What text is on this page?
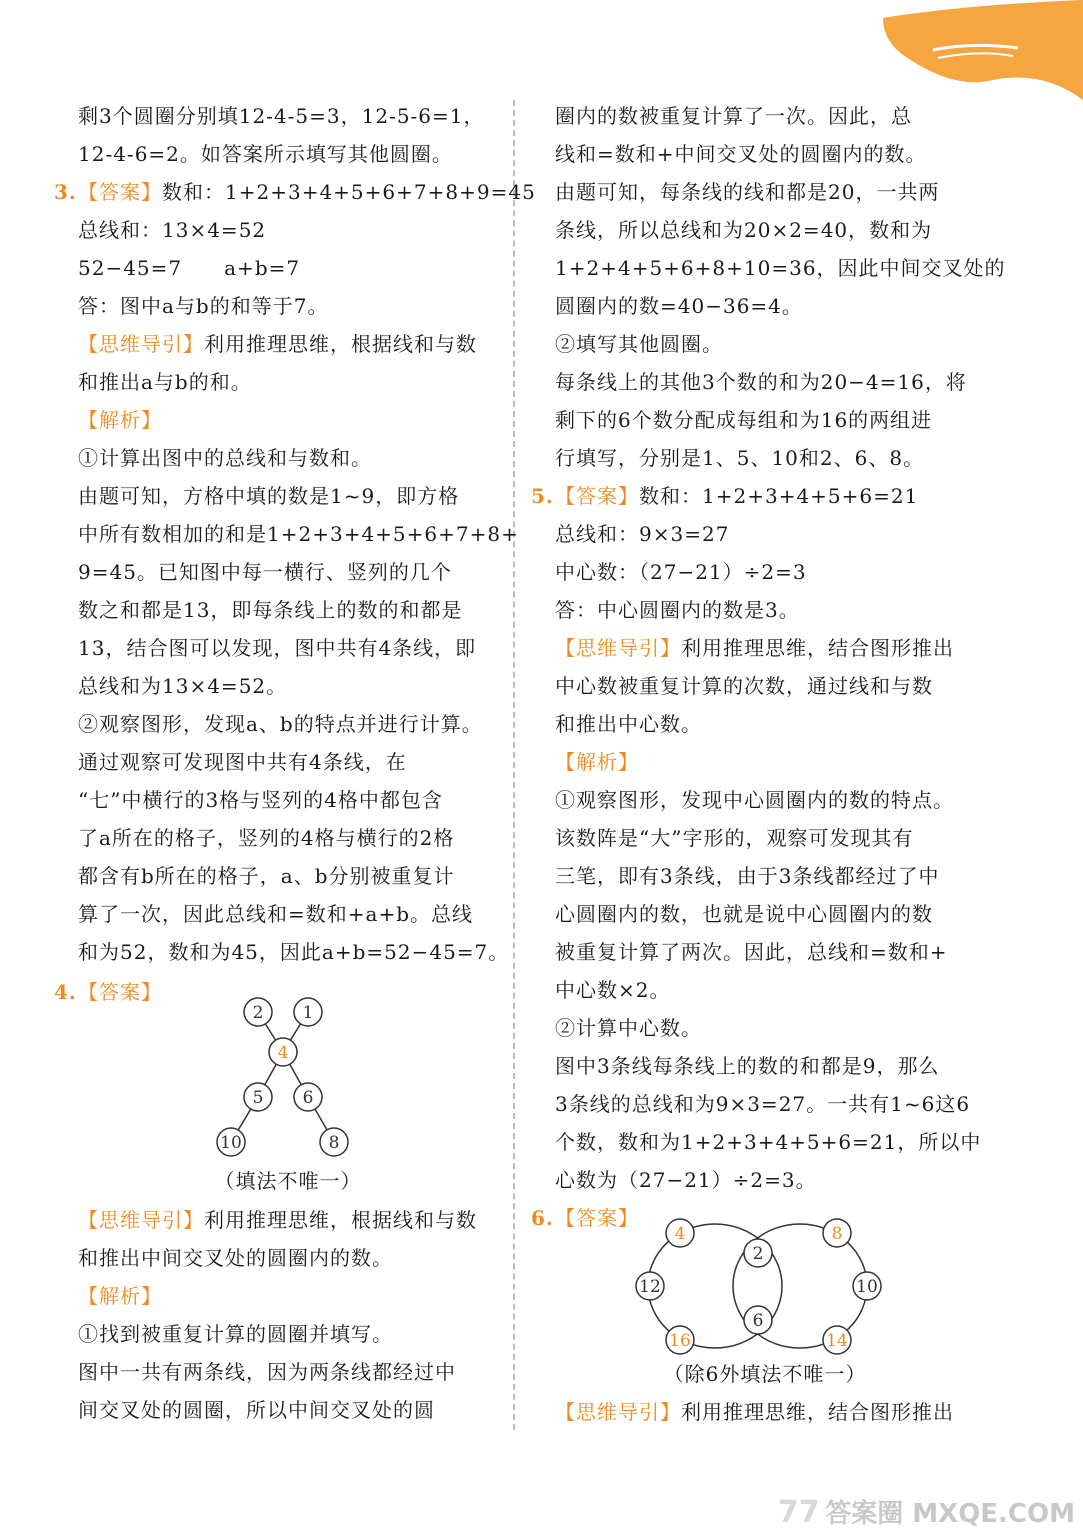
剩3个圆圈分别填12-4-5=3，12-5-6=1，
12-4-6=2。如答案所示填写其他圆圈。
3. 【答案】数和：1+2+3+4+5+6+7+8+9=45
总线和：13×4=52
52−45=7　　a+b=7
答：图中a与b的和等于7。
【思维导引】利用推理思维，根据线和与数
和推出a与b的和。
【解析】
①计算出图中的总线和与数和。
由题可知，方格中填的数是1~9，即方格
中所有数相加的和是1+2+3+4+5+6+7+8+
9=45。已知图中每一横行、竖列的几个
数之和都是13，即每条线上的数的和都是
13，结合图可以发现，图中共有4条线，即
总线和为13×4=52。
②观察图形，发现a、b的特点并进行计算。
通过观察可发现图中共有4条线，在
“七”中横行的3格与竖列的4格中都包含
了a所在的格子，竖列的4格与横行的2格
都含有b所在的格子，a、b分别被重复计
算了一次，因此总线和=数和+a+b。总线
和为52，数和为45，因此a+b=52−45=7。
4. 【答案】
2 1
4
5 6
10	8
（填法不唯一）
【思维导引】利用推理思维，根据线和与数
和推出中间交叉处的圆圈内的数。
【解析】
①找到被重复计算的圆圈并填写。
图中一共有两条线，因为两条线都经过中
间交叉处的圆圈，所以中间交叉处的圆
圈内的数被重复计算了一次。因此，总
线和=数和+中间交叉处的圆圈内的数。
由题可知，每条线的线和都是20，一共两
条线，所以总线和为20×2=40，数和为
1+2+4+5+6+8+10=36，因此中间交叉处的
圆圈内的数=40−36=4。
②填写其他圆圈。
每条线上的其他3个数的和为20−4=16，将
剩下的6个数分配成每组和为16的两组进
行填写，分别是1、5、10和2、6、8。
5. 【答案】数和：1+2+3+4+5+6=21
总线和：9×3=27
中心数：（27−21）÷2=3
答：中心圆圈内的数是3。
【思维导引】利用推理思维，结合图形推出
中心数被重复计算的次数，通过线和与数
和推出中心数。
【解析】
①观察图形，发现中心圆圈内的数的特点。
该数阵是“大”字形的，观察可发现其有
三笔，即有3条线，由于3条线都经过了中
心圆圈内的数，也就是说中心圆圈内的数
被重复计算了两次。因此，总线和=数和+
中心数×2。
②计算中心数。
图中3条线每条线上的数的和都是9，那么
3条线的总线和为9×3=27。一共有1~6这6
个数，数和为1+2+3+4+5+6=21，所以中
心数为（27−21）÷2=3。
6. 【答案】
4	8
2
12	10
6
16	14
（除6外填法不唯一）
【思维导引】利用推理思维，结合图形推出
77 答案圈 MXQE.COM
